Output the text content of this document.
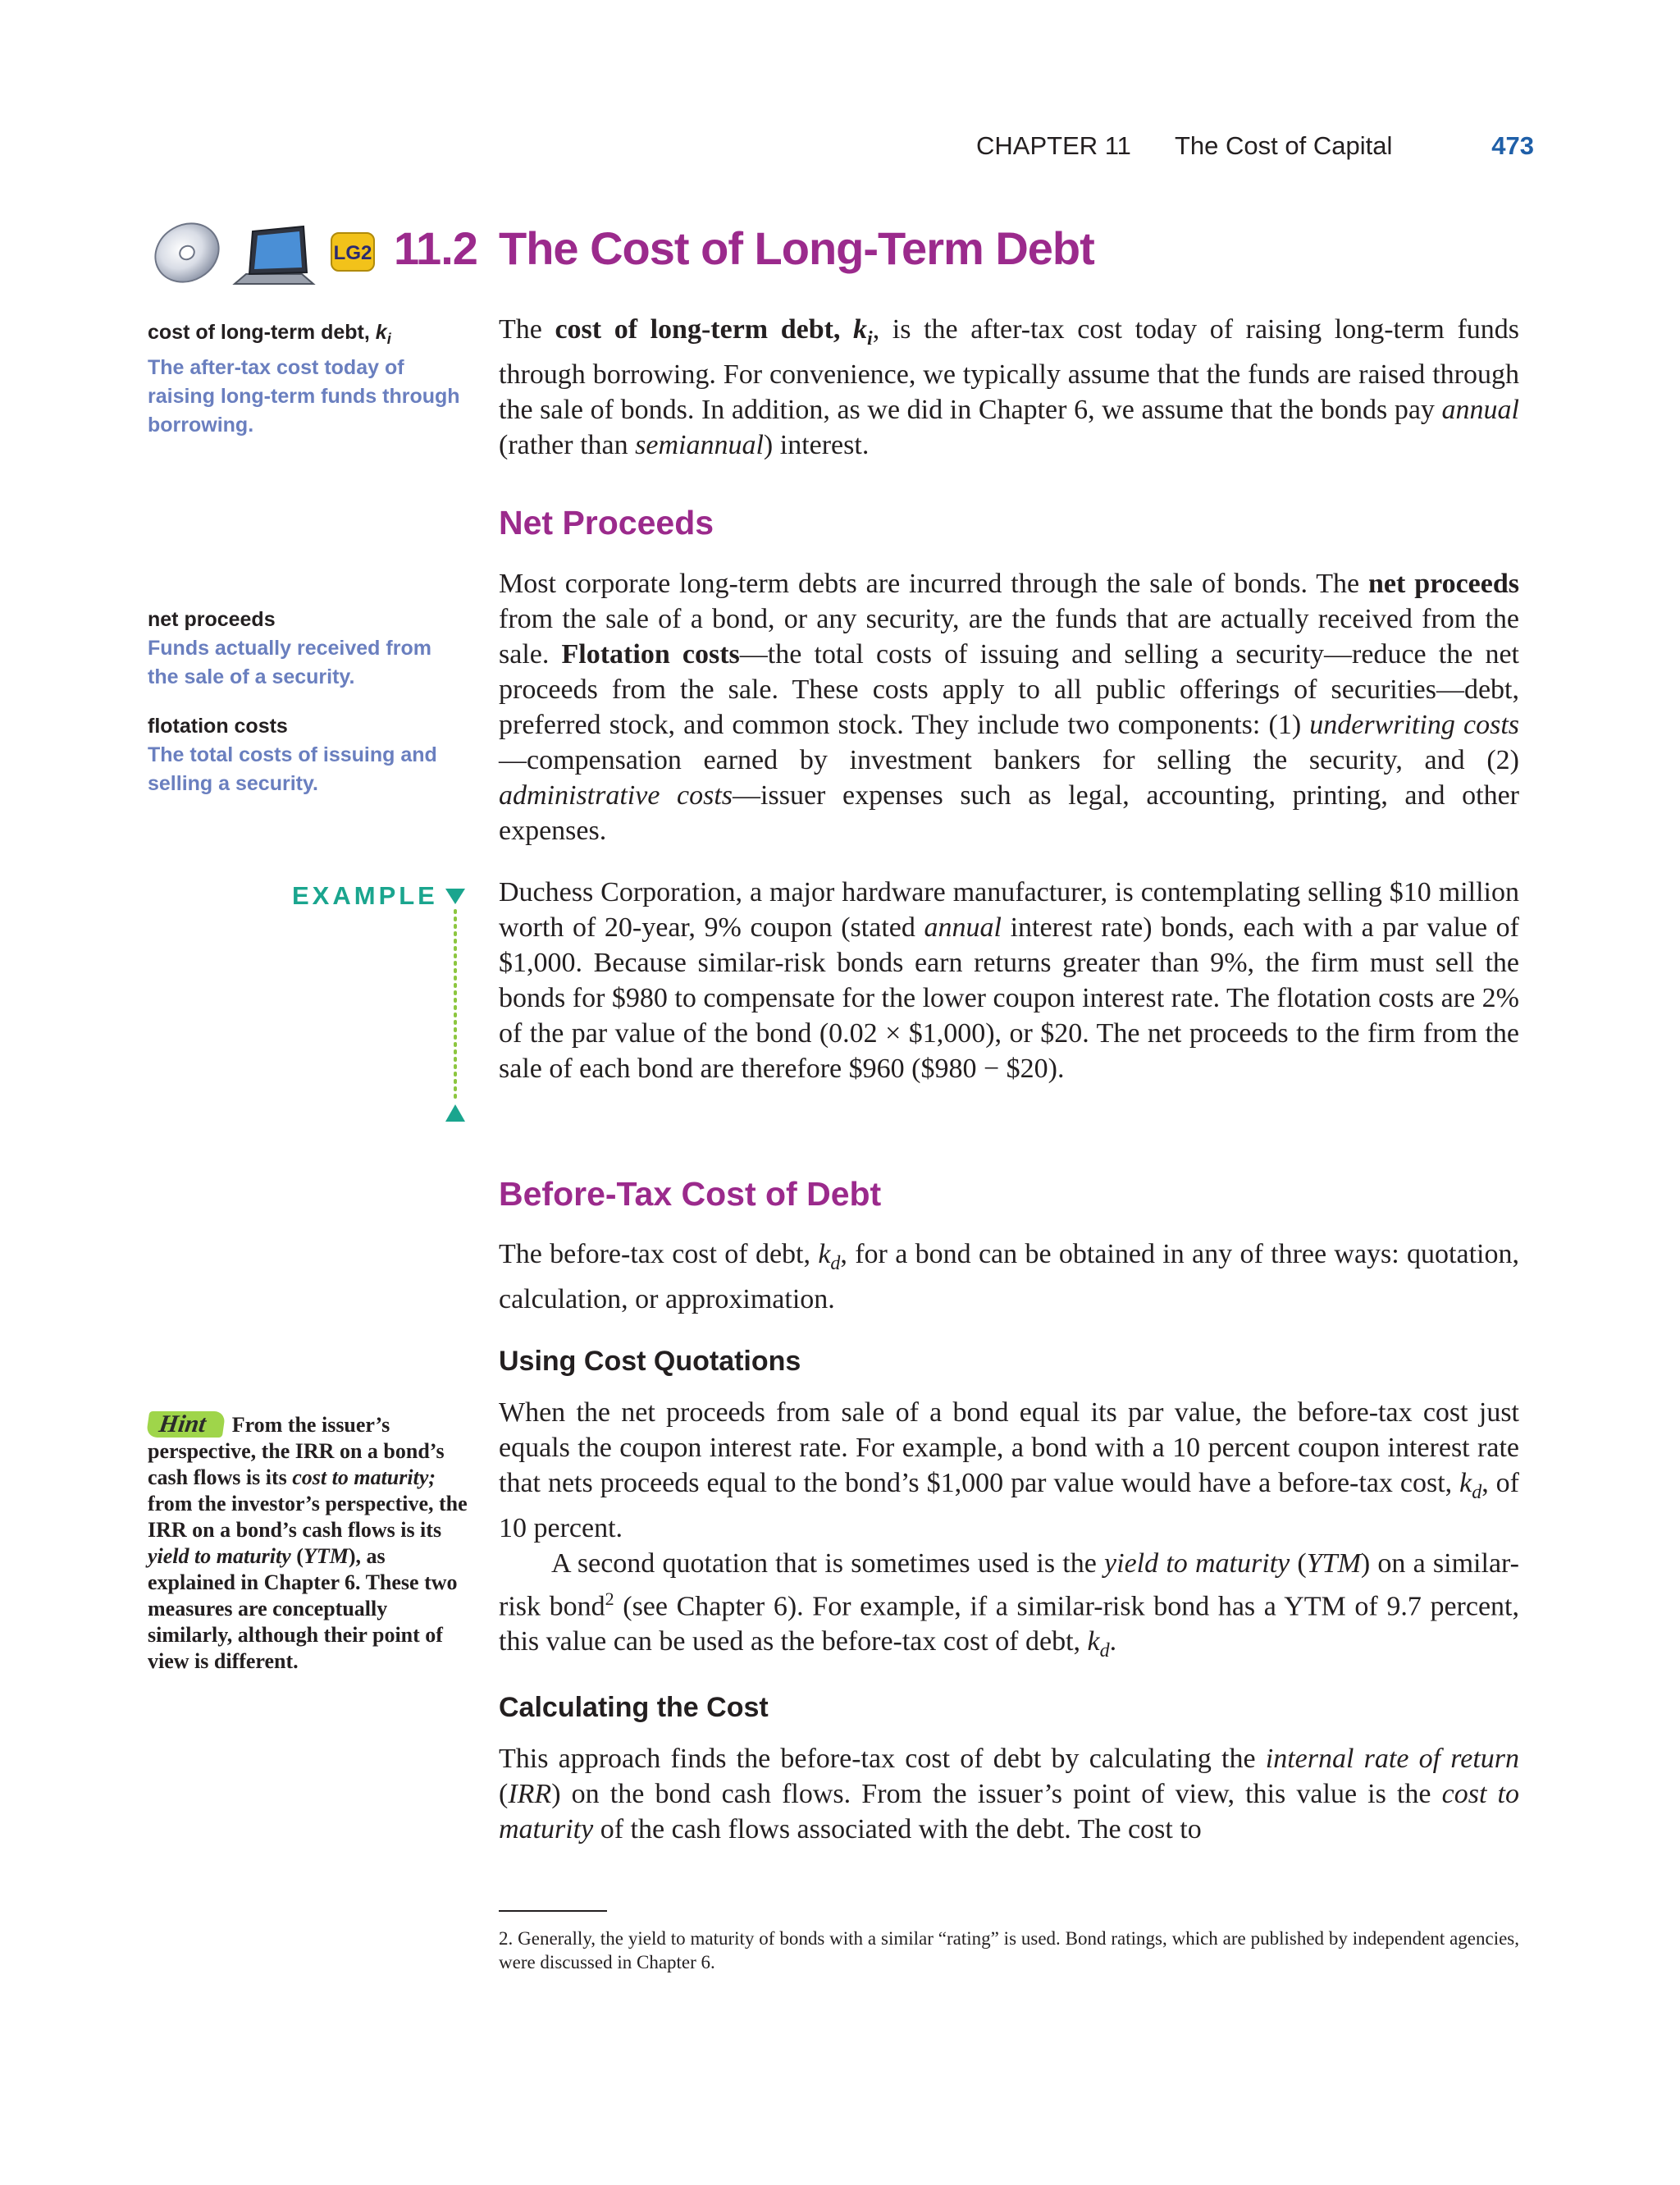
CHAPTER 11 The Cost of Capital	473
LG2 11.2 The Cost of Long-Term Debt
cost of long-term debt, $k_i$
The after-tax cost today of raising long-term funds through borrowing.

The cost of long-term debt, $k_i$, is the after-tax cost today of raising long-term funds through borrowing. For convenience, we typically assume that the funds are raised through the sale of bonds. In addition, as we did in Chapter 6, we assume that the bonds pay annual (rather than semiannual) interest.

Net Proceeds
net proceeds
Funds actually received from the sale of a security.
flotation costs
The total costs of issuing and selling a security.

Most corporate long-term debts are incurred through the sale of bonds. The net proceeds from the sale of a bond, or any security, are the funds that are actually received from the sale. Flotation costs—the total costs of issuing and selling a security—reduce the net proceeds from the sale. These costs apply to all public offerings of securities—debt, preferred stock, and common stock. They include two components: (1) underwriting costs—compensation earned by investment bankers for selling the security, and (2) administrative costs—issuer expenses such as legal, accounting, printing, and other expenses.

EXAMPLE Duchess Corporation, a major hardware manufacturer, is contemplating selling $10 million worth of 20-year, 9% coupon (stated annual interest rate) bonds, each with a par value of $1,000. Because similar-risk bonds earn returns greater than 9%, the firm must sell the bonds for $980 to compensate for the lower coupon interest rate. The flotation costs are 2% of the par value of the bond (0.02 × $1,000), or $20. The net proceeds to the firm from the sale of each bond are therefore $960 ($980 − $20).

Before-Tax Cost of Debt

The before-tax cost of debt, $k_d$, for a bond can be obtained in any of three ways: quotation, calculation, or approximation.

Using Cost Quotations

When the net proceeds from sale of a bond equal its par value, the before-tax cost just equals the coupon interest rate. For example, a bond with a 10 percent coupon interest rate that nets proceeds equal to the bond’s $1,000 par value would have a before-tax cost, $k_d$, of 10 percent.

A second quotation that is sometimes used is the yield to maturity (YTM) on a similar-risk bond$^2$ (see Chapter 6). For example, if a similar-risk bond has a YTM of 9.7 percent, this value can be used as the before-tax cost of debt, $k_d$.

Hint From the issuer’s perspective, the IRR on a bond’s cash flows is its cost to maturity; from the investor’s perspective, the IRR on a bond’s cash flows is its yield to maturity (YTM), as explained in Chapter 6. These two measures are conceptually similarly, although their point of view is different.
Calculating the Cost

This approach finds the before-tax cost of debt by calculating the internal rate of return (IRR) on the bond cash flows. From the issuer’s point of view, this value is the cost to maturity of the cash flows associated with the debt. The cost to

2. Generally, the yield to maturity of bonds with a similar “rating” is used. Bond ratings, which are published by independent agencies, were discussed in Chapter 6.
